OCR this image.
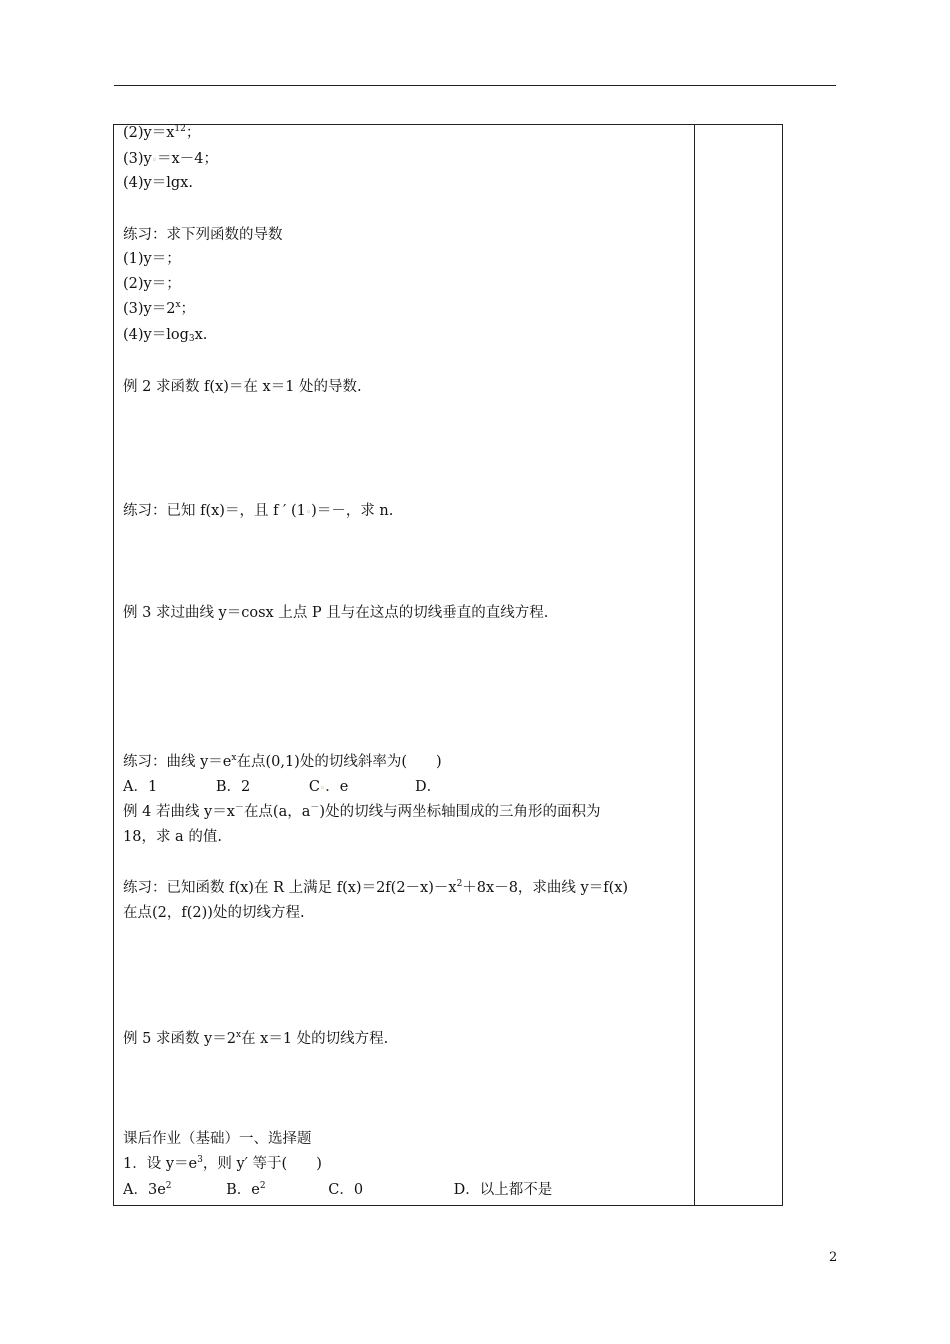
$(2)y=x^{12}$；
(3)y◦＝x－4；
(4)y＝lgx.
练习：求下列函数的导数
(1)y＝；
(2)y＝；
$(3)y=2^x$；
$(4)y=\log_3x$.
例 2 求函数 f(x)＝在 x＝1 处的导数.
练习：已知 f(x)＝，且 f ′ (1◦)＝－，求 n.
例 3 求过曲线 y＝cosx 上点 P 且与在这点的切线垂直的直线方程.
练习：曲线 $y=e^x$在点(0,1)处的切线斜率为(　　)
A．1	B．2	C◦．e	D．
例 4 若曲线 y＝x－在点(a，a－)处的切线与两坐标轴围成的三角形的面积为
18，求 a 的值.
练习：已知函数 f(x)在 R 上满足 $f(x)=2f(2-x)-x^2+8x-8$，求曲线 y＝f(x)
在点(2，f(2))处的切线方程.
例 5 求函数 $y=2^x$在 x＝1 处的切线方程.
课后作业（基础）一、选择题
1．设 $y=e^3$，则 y′ 等于(　　)
A．$3e^2$	B．$e^2$	C．0	D．以上都不是
2
